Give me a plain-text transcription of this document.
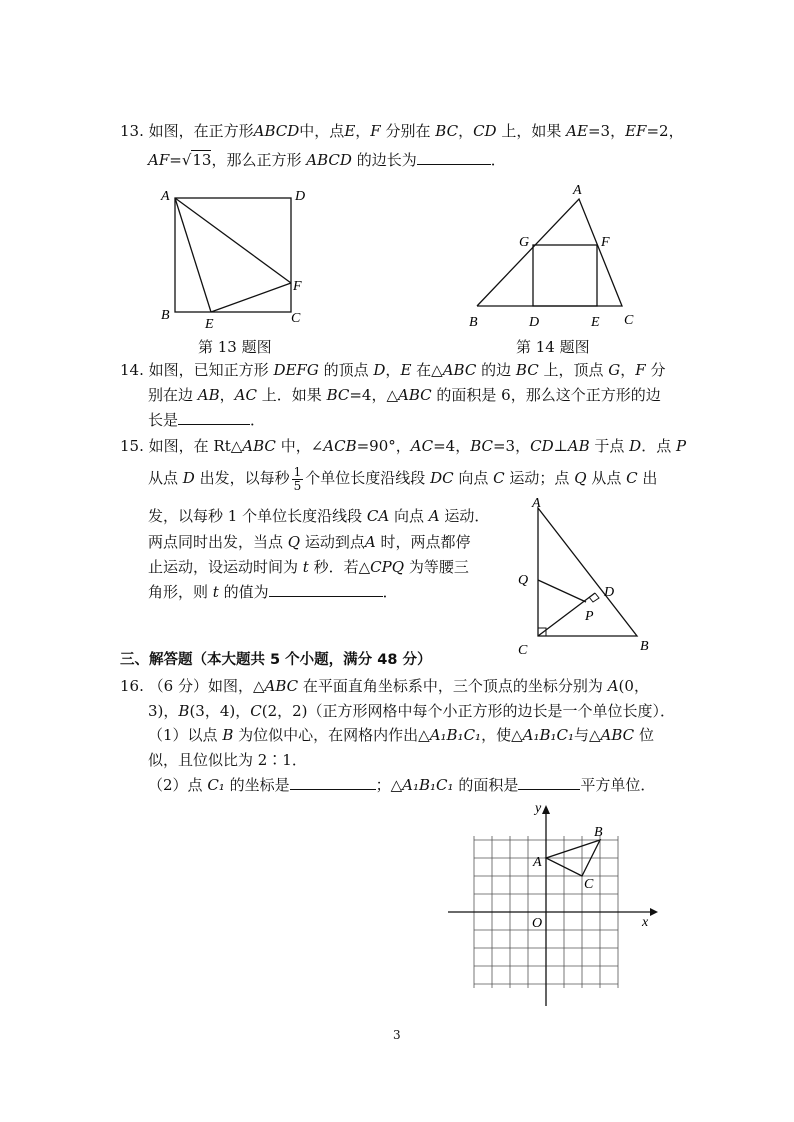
13. 如图，在正方形ABCD中，点E，F 分别在 BC，CD 上，如果 AE=3，EF=2，
AF=√13，那么正方形 ABCD 的边长为	．
A	D
B	C
E
F
第 13 题图
A
G	F
B	D	E C
第 14 题图
14. 如图，已知正方形 DEFG 的顶点 D，E 在△ABC 的边 BC 上，顶点 G，F 分
别在边 AB，AC 上．如果 BC=4，△ABC 的面积是 6，那么这个正方形的边
长是	．
15. 如图，在 Rt△ABC 中，∠ACB=90°，AC=4，BC=3，CD⊥AB 于点 D．点 P
从点 D 出发，以每秒 $\frac{1}{5}$ 个单位长度沿线段 DC 向点 C 运动；点 Q 从点 C 出
发，以每秒 1 个单位长度沿线段 CA 向点 A 运动．
两点同时出发，当点 Q 运动到点A 时，两点都停
止运动，设运动时间为 t 秒．若△CPQ 为等腰三
角形，则 t 的值为	．
A
Q
D
P
C	B
三、解答题（本大题共 5 个小题，满分 48 分）
16. （6 分）如图，△ABC 在平面直角坐标系中，三个顶点的坐标分别为 A(0，
3)，B(3，4)，C(2，2)（正方形网格中每个小正方形的边长是一个单位长度）．
（1）以点 B 为位似中心，在网格内作出△A₁B₁C₁，使△A₁B₁C₁与△ABC 位
似，且位似比为 2∶1．
（2）点 C₁ 的坐标是	；△A₁B₁C₁ 的面积是	平方单位．
x
y
O
A
B
C
3
